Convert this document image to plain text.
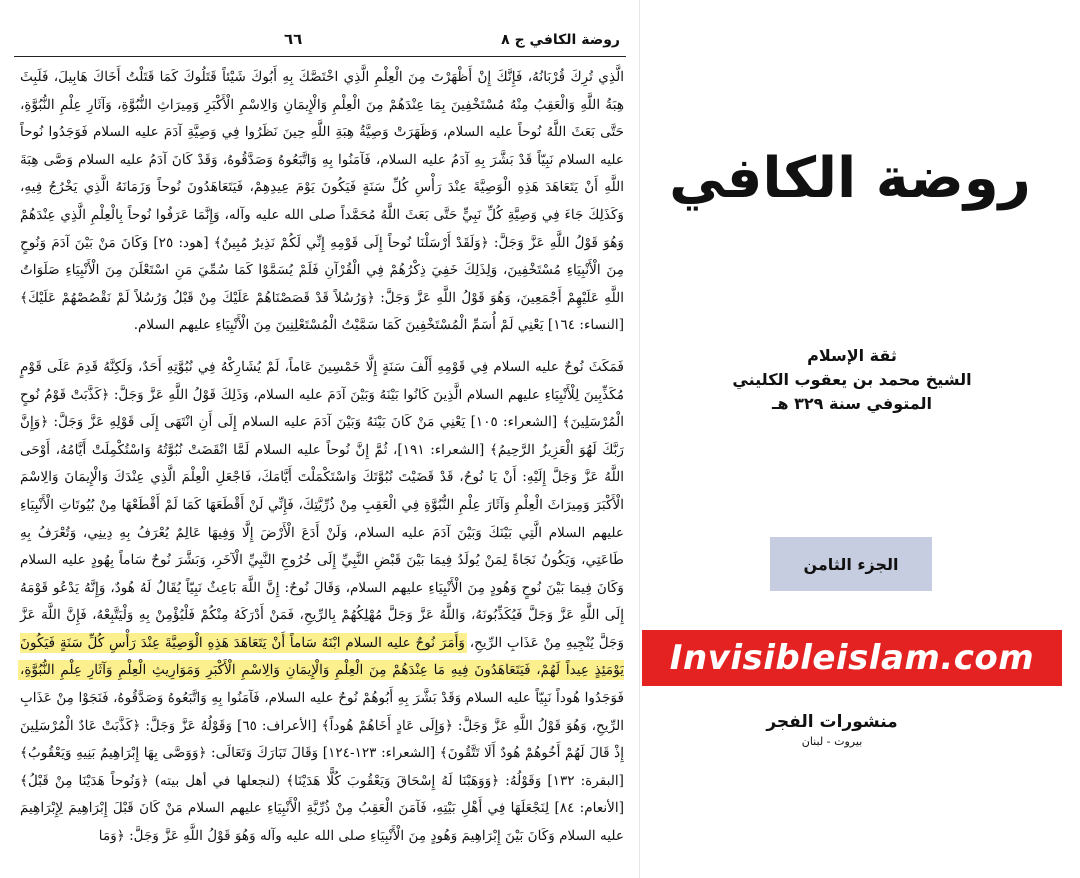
روضة الكافي ج ٨
٦٦

الَّذِي تُرِكَ قُرْبَانُهُ، فَإِنَّكَ إِنْ أَظْهَرْتَ مِنَ الْعِلْمِ الَّذِي اخْتَصَّكَ بِهِ أَبُوكَ شَيْئاً قَتَلُوكَ كَمَا قَتَلْتُ أَخَاكَ هَابِيلَ، فَلَبِثَ هِبَةُ اللَّهِ وَالْعَقِبُ مِنْهُ مُسْتَخْفِينَ بِمَا عِنْدَهُمْ مِنَ الْعِلْمِ وَالْإِيمَانِ وَالِاسْمِ الْأَكْبَرِ وَمِيرَاثِ النُّبُوَّةِ، وَآثَارِ عِلْمِ النُّبُوَّةِ، حَتَّى بَعَثَ اللَّهُ نُوحاً عليه السلام، وَظَهَرَتْ وَصِيَّةُ هِبَةِ اللَّهِ حِينَ نَظَرُوا فِي وَصِيَّةِ آدَمَ عليه السلام فَوَجَدُوا نُوحاً عليه السلام نَبِيّاً قَدْ بَشَّرَ بِهِ آدَمُ عليه السلام، فَآمَنُوا بِهِ وَاتَّبَعُوهُ وَصَدَّقُوهُ، وَقَدْ كَانَ آدَمُ عليه السلام وَصَّى هِبَةَ اللَّهِ أَنْ يَتَعَاهَدَ هَذِهِ الْوَصِيَّةَ عِنْدَ رَأْسِ كُلِّ سَنَةٍ فَيَكُونَ يَوْمَ عِيدِهِمْ، فَيَتَعَاهَدُونَ نُوحاً وَزَمَانَهُ الَّذِي يَخْرُجُ فِيهِ، وَكَذَلِكَ جَاءَ فِي وَصِيَّةِ كُلِّ نَبِيٍّ حَتَّى بَعَثَ اللَّهُ مُحَمَّداً صلى الله عليه وآله، وَإِنَّمَا عَرَفُوا نُوحاً بِالْعِلْمِ الَّذِي عِنْدَهُمْ وَهُوَ قَوْلُ اللَّهِ عَزَّ وَجَلَّ: ﴿وَلَقَدْ أَرْسَلْنَا نُوحاً إِلَى قَوْمِهِ إِنِّي لَكُمْ نَذِيرٌ مُبِينٌ﴾ [هود: ٢٥] وَكَانَ مَنْ بَيْنَ آدَمَ وَنُوحٍ مِنَ الْأَنْبِيَاءِ مُسْتَخْفِينَ، وَلِذَلِكَ خَفِيَ ذِكْرُهُمْ فِي الْقُرْآنِ فَلَمْ يُسَمَّوْا كَمَا سُمِّيَ مَنِ اسْتَعْلَنَ مِنَ الْأَنْبِيَاءِ صَلَوَاتُ اللَّهِ عَلَيْهِمْ أَجْمَعِينَ، وَهُوَ قَوْلُ اللَّهِ عَزَّ وَجَلَّ: ﴿وَرُسُلاً قَدْ قَصَصْنَاهُمْ عَلَيْكَ مِنْ قَبْلُ وَرُسُلاً لَمْ نَقْصُصْهُمْ عَلَيْكَ﴾ [النساء: ١٦٤] يَعْنِي لَمْ أُسَمِّ الْمُسْتَخْفِينَ كَمَا سَمَّيْتُ الْمُسْتَعْلِنِينَ مِنَ الْأَنْبِيَاءِ عليهم السلام.

فَمَكَثَ نُوحٌ عليه السلام فِي قَوْمِهِ أَلْفَ سَنَةٍ إِلَّا خَمْسِينَ عَاماً، لَمْ يُشَارِكْهُ فِي نُبُوَّتِهِ أَحَدٌ، وَلَكِنَّهُ قَدِمَ عَلَى قَوْمٍ مُكَذِّبِينَ لِلْأَنْبِيَاءِ عليهم السلام الَّذِينَ كَانُوا بَيْنَهُ وَبَيْنَ آدَمَ عليه السلام، وَذَلِكَ قَوْلُ اللَّهِ عَزَّ وَجَلَّ: ﴿كَذَّبَتْ قَوْمُ نُوحٍ الْمُرْسَلِينَ﴾ [الشعراء: ١٠٥] يَعْنِي مَنْ كَانَ بَيْنَهُ وَبَيْنَ آدَمَ عليه السلام إِلَى أَنِ انْتَهَى إِلَى قَوْلِهِ عَزَّ وَجَلَّ: ﴿وَإِنَّ رَبَّكَ لَهُوَ الْعَزِيزُ الرَّحِيمُ﴾ [الشعراء: ١٩١]، ثُمَّ إِنَّ نُوحاً عليه السلام لَمَّا انْقَضَتْ نُبُوَّتُهُ وَاسْتُكْمِلَتْ أَيَّامُهُ، أَوْحَى اللَّهُ عَزَّ وَجَلَّ إِلَيْهِ: أَنْ يَا نُوحُ، قَدْ قَضَيْتَ نُبُوَّتَكَ وَاسْتَكْمَلْتَ أَيَّامَكَ، فَاجْعَلِ الْعِلْمَ الَّذِي عِنْدَكَ وَالْإِيمَانَ وَالِاسْمَ الْأَكْبَرَ وَمِيرَاثَ الْعِلْمِ وَآثَارَ عِلْمِ النُّبُوَّةِ فِي الْعَقِبِ مِنْ ذُرِّيَّتِكَ، فَإِنِّي لَنْ أَقْطَعَهَا كَمَا لَمْ أَقْطَعْهَا مِنْ بُيُوتَاتِ الْأَنْبِيَاءِ عليهم السلام الَّتِي بَيْنَكَ وَبَيْنَ آدَمَ عليه السلام، وَلَنْ أَدَعَ الْأَرْضَ إِلَّا وَفِيهَا عَالِمٌ يُعْرَفُ بِهِ دِينِي، وَتُعْرَفُ بِهِ طَاعَتِي، وَيَكُونُ نَجَاةً لِمَنْ يُولَدُ فِيمَا بَيْنَ قَبْضِ النَّبِيِّ إِلَى خُرُوجِ النَّبِيِّ الْآخَرِ، وَبَشَّرَ نُوحٌ سَاماً بِهُودٍ عليه السلام وَكَانَ فِيمَا بَيْنَ نُوحٍ وَهُودٍ مِنَ الْأَنْبِيَاءِ عليهم السلام، وَقَالَ نُوحٌ: إِنَّ اللَّهَ بَاعِثٌ نَبِيّاً يُقَالُ لَهُ هُودٌ، وَإِنَّهُ يَدْعُو قَوْمَهُ إِلَى اللَّهِ عَزَّ وَجَلَّ فَيُكَذِّبُونَهُ، وَاللَّهُ عَزَّ وَجَلَّ مُهْلِكُهُمْ بِالرِّيحِ، فَمَنْ أَدْرَكَهُ مِنْكُمْ فَلْيُؤْمِنْ بِهِ وَلْيَتَّبِعْهُ، فَإِنَّ اللَّهَ عَزَّ وَجَلَّ يُنْجِيهِ مِنْ عَذَابِ الرِّيحِ، وَأَمَرَ نُوحٌ عليه السلام ابْنَهُ سَاماً أَنْ يَتَعَاهَدَ هَذِهِ الْوَصِيَّةَ عِنْدَ رَأْسِ كُلِّ سَنَةٍ فَيَكُونَ يَوْمَئِذٍ عِيداً لَهُمْ، فَيَتَعَاهَدُونَ فِيهِ مَا عِنْدَهُمْ مِنَ الْعِلْمِ وَالْإِيمَانِ وَالِاسْمِ الْأَكْبَرِ وَمَوَارِيثِ الْعِلْمِ وَآثَارِ عِلْمِ النُّبُوَّةِ، فَوَجَدُوا هُوداً نَبِيّاً عليه السلام وَقَدْ بَشَّرَ بِهِ أَبُوهُمْ نُوحٌ عليه السلام، فَآمَنُوا بِهِ وَاتَّبَعُوهُ وَصَدَّقُوهُ، فَنَجَوْا مِنْ عَذَابِ الرِّيحِ، وَهُوَ قَوْلُ اللَّهِ عَزَّ وَجَلَّ: ﴿وَإِلَى عَادٍ أَخَاهُمْ هُوداً﴾ [الأعراف: ٦٥] وَقَوْلُهُ عَزَّ وَجَلَّ: ﴿كَذَّبَتْ عَادٌ الْمُرْسَلِينَ إِذْ قَالَ لَهُمْ أَخُوهُمْ هُودٌ أَلَا تَتَّقُونَ﴾ [الشعراء: ١٢٣-١٢٤] وَقَالَ تَبَارَكَ وَتَعَالَى: ﴿وَوَصَّى بِهَا إِبْرَاهِيمُ بَنِيهِ وَيَعْقُوبُ﴾ [البقرة: ١٣٢] وَقَوْلُهُ: ﴿وَوَهَبْنَا لَهُ إِسْحَاقَ وَيَعْقُوبَ كُلًّا هَدَيْنَا﴾ (لنجعلها في أهل بيته) ﴿وَنُوحاً هَدَيْنَا مِنْ قَبْلُ﴾ [الأنعام: ٨٤] لِنَجْعَلَهَا فِي أَهْلِ بَيْتِهِ، فَآمَنَ الْعَقِبُ مِنْ ذُرِّيَّةِ الْأَنْبِيَاءِ عليهم السلام مَنْ كَانَ قَبْلَ إِبْرَاهِيمَ لِإِبْرَاهِيمَ عليه السلام وَكَانَ بَيْنَ إِبْرَاهِيمَ وَهُودٍ مِنَ الْأَنْبِيَاءِ صلى الله عليه وآله وَهُوَ قَوْلُ اللَّهِ عَزَّ وَجَلَّ: ﴿وَمَا

روضة الكافي
ثقة الإسلام
الشيخ محمد بن يعقوب الكليني
المتوفي سنة ٣٢٩ هـ
الجزء الثامن
منشورات الفجر
بيروت - لبنان
Invisibleislam.com
